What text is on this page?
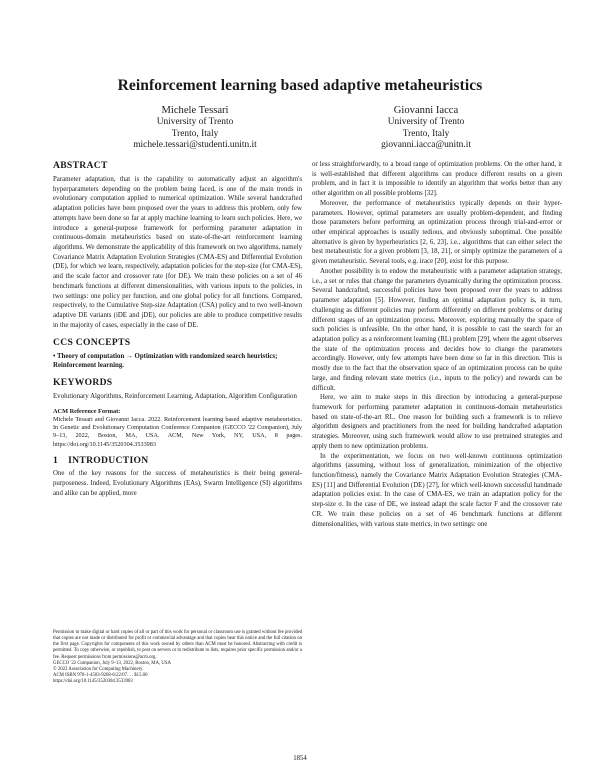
Reinforcement learning based adaptive metaheuristics
Michele Tessari
University of Trento
Trento, Italy
michele.tessari@studenti.unitn.it
Giovanni Iacca
University of Trento
Trento, Italy
giovanni.iacca@unitn.it
ABSTRACT

Parameter adaptation, that is the capability to automatically adjust an algorithm's hyperparameters depending on the problem being faced, is one of the main trends in evolutionary computation applied to numerical optimization. While several handcrafted adaptation policies have been proposed over the years to address this problem, only few attempts have been done so far at apply machine learning to learn such policies. Here, we introduce a general-purpose framework for performing parameter adaptation in continuous-domain metaheuristics based on state-of-the-art reinforcement learning algorithms. We demonstrate the applicability of this framework on two algorithms, namely Covariance Matrix Adaptation Evolution Strategies (CMA-ES) and Differential Evolution (DE), for which we learn, respectively, adaptation policies for the step-size (for CMA-ES), and the scale factor and crossover rate (for DE). We train these policies on a set of 46 benchmark functions at different dimensionalities, with various inputs to the policies, in two settings: one policy per function, and one global policy for all functions. Compared, respectively, to the Cumulative Step-size Adaptation (CSA) policy and to two well-known adaptive DE variants (iDE and jDE), our policies are able to produce competitive results in the majority of cases, especially in the case of DE.

CCS CONCEPTS

• Theory of computation → Optimization with randomized search heuristics; Reinforcement learning.

KEYWORDS

Evolutionary Algorithms, Reinforcement Learning, Adaptation, Algorithm Configuration

ACM Reference Format:

Michele Tessari and Giovanni Iacca. 2022. Reinforcement learning based adaptive metaheuristics. In Genetic and Evolutionary Computation Conference Companion (GECCO '22 Companion), July 9–13, 2022, Boston, MA, USA. ACM, New York, NY, USA, 8 pages. https://doi.org/10.1145/3520304.3533983

1 INTRODUCTION

One of the key reasons for the success of metaheuristics is their being general-purposeness. Indeed, Evolutionary Algorithms (EAs), Swarm Intelligence (SI) algorithms and alike can be applied, more

Permission to make digital or hard copies of all or part of this work for personal or classroom use is granted without fee provided that copies are not made or distributed for profit or commercial advantage and that copies bear this notice and the full citation on the first page. Copyrights for components of this work owned by others than ACM must be honored. Abstracting with credit is permitted. To copy otherwise, or republish, to post on servers or to redistribute to lists, requires prior specific permission and/or a fee. Request permissions from permissions@acm.org.

GECCO '22 Companion, July 9–13, 2022, Boston, MA, USA

© 2022 Association for Computing Machinery.

ACM ISBN 978-1-4503-9268-6/22/07. . . $15.00

https://doi.org/10.1145/3520304.3533983

or less straightforwardly, to a broad range of optimization problems. On the other hand, it is well-established that different algorithms can produce different results on a given problem, and in fact it is impossible to identify an algorithm that works better than any other algorithm on all possible problems [32].

Moreover, the performance of metaheuristics typically depends on their hyper-parameters. However, optimal parameters are usually problem-dependent, and finding those parameters before performing an optimization process through trial-and-error or other empirical approaches is usually tedious, and obviously suboptimal. One possible alternative is given by hyperheuristics [2, 6, 23], i.e., algorithms that can either select the best metaheuristic for a given problem [3, 18, 21], or simply optimize the parameters of a given metaheuristic. Several tools, e.g. irace [20], exist for this purpose.

Another possibility is to endow the metaheuristic with a parameter adaptation strategy, i.e., a set or rules that change the parameters dynamically during the optimization process. Several handcrafted, successful policies have been proposed over the years to address parameter adaptation [5]. However, finding an optimal adaptation policy is, in turn, challenging as different policies may perform differently on different problems or during different stages of an optimization process. Moreover, exploring manually the space of such policies is unfeasible. On the other hand, it is possible to cast the search for an adaptation policy as a reinforcement learning (RL) problem [29], where the agent observes the state of the optimization process and decides how to change the parameters accordingly. However, only few attempts have been done so far in this direction. This is mostly due to the fact that the observation space of an optimization process can be quite large, and finding relevant state metrics (i.e., inputs to the policy) and rewards can be difficult.

Here, we aim to make steps in this direction by introducing a general-purpose framework for performing parameter adaptation in continuous-domain metaheuristics based on state-of-the-art RL. One reason for building such a framework is to relieve algorithm designers and practitioners from the need for building handcrafted adaptation strategies. Moreover, using such framework would allow to use pretrained strategies and apply them to new optimization problems.

In the experimentation, we focus on two well-known continuous optimization algorithms (assuming, without loss of generalization, minimization of the objective function/fitness), namely the Covariance Matrix Adaptation Evolution Strategies (CMA-ES) [11] and Differential Evolution (DE) [27], for which well-known successful handmade adaptation policies exist. In the case of CMA-ES, we train an adaptation policy for the step-size σ. In the case of DE, we instead adapt the scale factor F and the crossover rate CR. We train these policies on a set of 46 benchmark functions at different dimensionalities, with various state metrics, in two settings: one

1854
